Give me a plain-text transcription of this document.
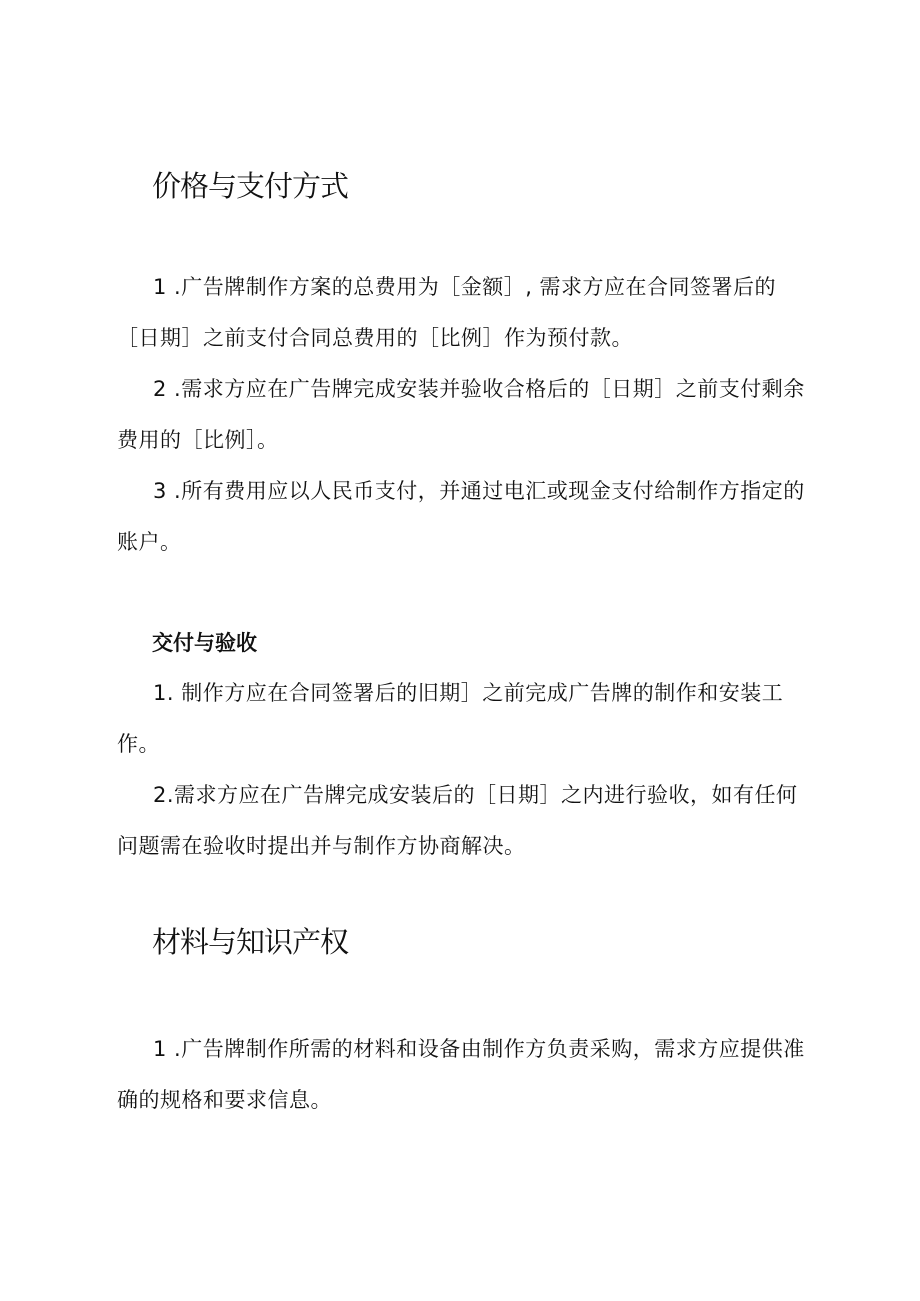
价格与支付方式

1 .广告牌制作方案的总费用为［金额］, 需求方应在合同签署后的［日期］之前支付合同总费用的［比例］作为预付款。

2 .需求方应在广告牌完成安装并验收合格后的［日期］之前支付剩余费用的［比例］。

3 .所有费用应以人民币支付，并通过电汇或现金支付给制作方指定的账户。

交付与验收

1. 制作方应在合同签署后的旧期］之前完成广告牌的制作和安装工作。

2.需求方应在广告牌完成安装后的［日期］之内进行验收，如有任何问题需在验收时提出并与制作方协商解决。

材料与知识产权

1 .广告牌制作所需的材料和设备由制作方负责采购，需求方应提供准确的规格和要求信息。
